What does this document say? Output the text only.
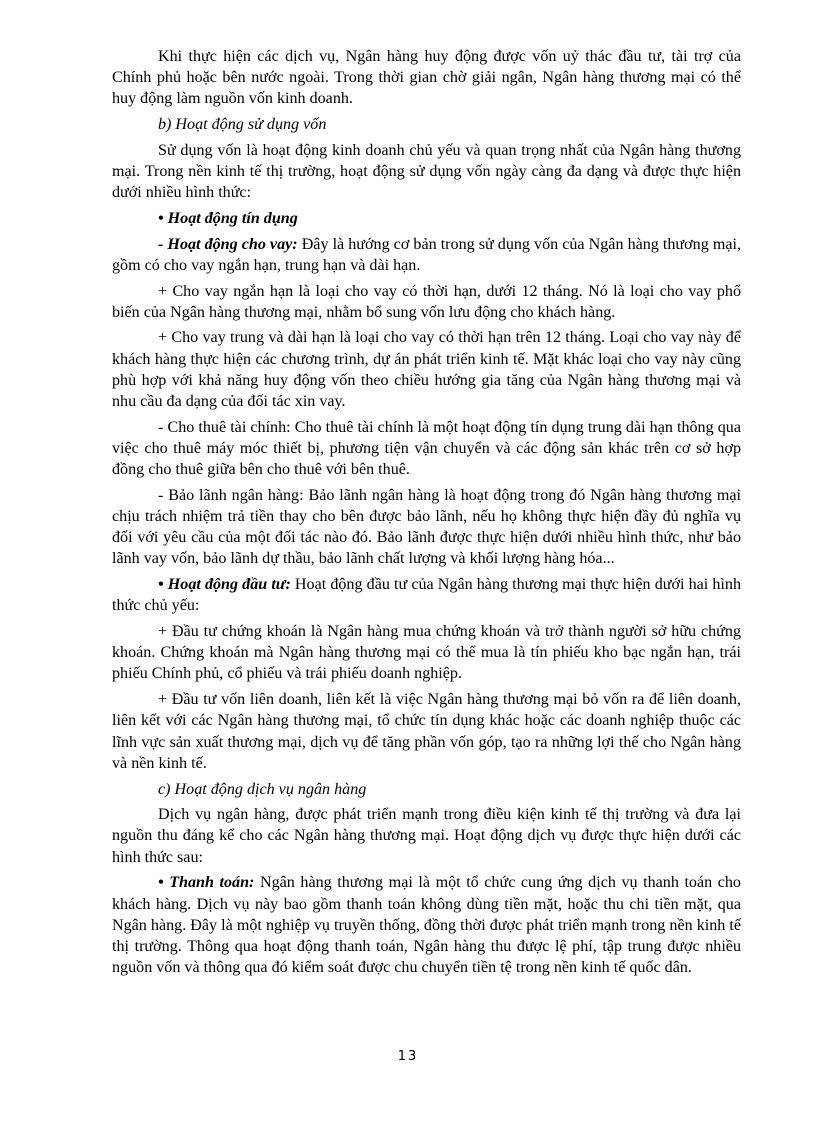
Khi thực hiện các dịch vụ, Ngân hàng huy động được vốn uỷ thác đầu tư, tài trợ của Chính phủ hoặc bên nước ngoài. Trong thời gian chờ giải ngân, Ngân hàng thương mại có thể huy động làm nguồn vốn kinh doanh.

b) Hoạt động sử dụng vốn

Sử dụng vốn là hoạt động kinh doanh chủ yếu và quan trọng nhất của Ngân hàng thương mại. Trong nền kinh tế thị trường, hoạt động sử dụng vốn ngày càng đa dạng và được thực hiện dưới nhiều hình thức:

• Hoạt động tín dụng

- Hoạt động cho vay: Đây là hướng cơ bản trong sử dụng vốn của Ngân hàng thương mại, gồm có cho vay ngắn hạn, trung hạn và dài hạn.

+ Cho vay ngắn hạn là loại cho vay có thời hạn, dưới 12 tháng. Nó là loại cho vay phổ biến của Ngân hàng thương mại, nhằm bổ sung vốn lưu động cho khách hàng.

+ Cho vay trung và dài hạn là loại cho vay có thời hạn trên 12 tháng. Loại cho vay này để khách hàng thực hiện các chương trình, dự án phát triển kinh tế. Mặt khác loại cho vay này cũng phù hợp với khả năng huy động vốn theo chiều hướng gia tăng của Ngân hàng thương mại và nhu cầu đa dạng của đối tác xin vay.

- Cho thuê tài chính: Cho thuê tài chính là một hoạt động tín dụng trung dài hạn thông qua việc cho thuê máy móc thiết bị, phương tiện vận chuyển và các động sản khác trên cơ sở hợp đồng cho thuê giữa bên cho thuê với bên thuê.

- Bảo lãnh ngân hàng: Bảo lãnh ngân hàng là hoạt động trong đó Ngân hàng thương mại chịu trách nhiệm trả tiền thay cho bên được bảo lãnh, nếu họ không thực hiện đầy đủ nghĩa vụ đối với yêu cầu của một đối tác nào đó. Bảo lãnh được thực hiện dưới nhiều hình thức, như bảo lãnh vay vốn, bảo lãnh dự thầu, bảo lãnh chất lượng và khối lượng hàng hóa...

• Hoạt động đầu tư: Hoạt động đầu tư của Ngân hàng thương mại thực hiện dưới hai hình thức chủ yếu:

+ Đầu tư chứng khoán là Ngân hàng mua chứng khoán và trở thành người sở hữu chứng khoán. Chứng khoán mà Ngân hàng thương mại có thể mua là tín phiếu kho bạc ngắn hạn, trái phiếu Chính phủ, cổ phiếu và trái phiếu doanh nghiệp.

+ Đầu tư vốn liên doanh, liên kết là việc Ngân hàng thương mại bỏ vốn ra để liên doanh, liên kết với các Ngân hàng thương mại, tổ chức tín dụng khác hoặc các doanh nghiệp thuộc các lĩnh vực sản xuất thương mại, dịch vụ để tăng phần vốn góp, tạo ra những lợi thế cho Ngân hàng và nền kinh tế.

c) Hoạt động dịch vụ ngân hàng

Dịch vụ ngân hàng, được phát triển mạnh trong điều kiện kinh tế thị trường và đưa lại nguồn thu đáng kể cho các Ngân hàng thương mại. Hoạt động dịch vụ được thực hiện dưới các hình thức sau:

• Thanh toán: Ngân hàng thương mại là một tổ chức cung ứng dịch vụ thanh toán cho khách hàng. Dịch vụ này bao gồm thanh toán không dùng tiền mặt, hoặc thu chi tiền mặt, qua Ngân hàng. Đây là một nghiệp vụ truyền thống, đồng thời được phát triển mạnh trong nền kinh tế thị trường. Thông qua hoạt động thanh toán, Ngân hàng thu được lệ phí, tập trung được nhiều nguồn vốn và thông qua đó kiểm soát được chu chuyển tiền tệ trong nền kinh tế quốc dân.

13
